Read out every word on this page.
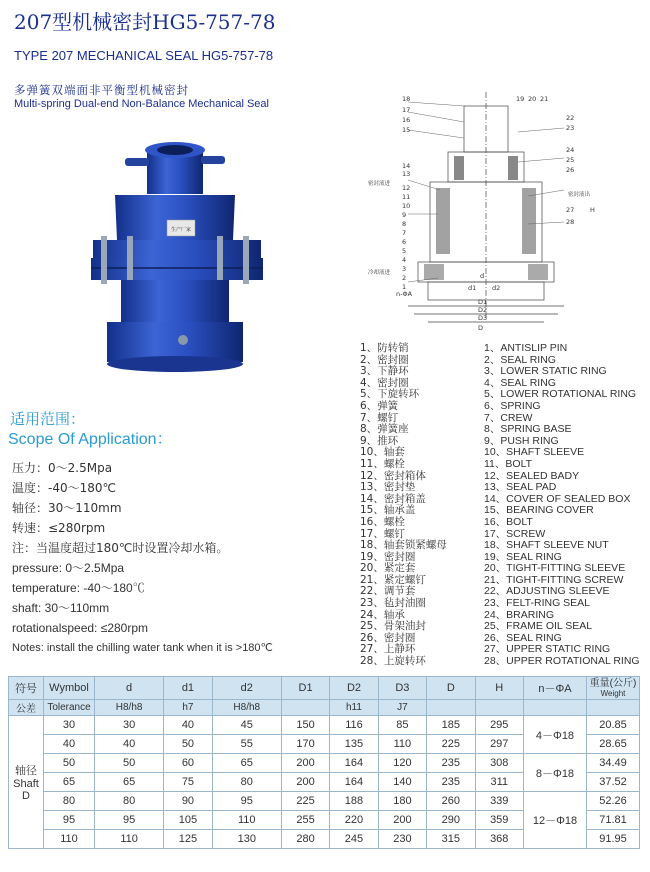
207型机械密封HG5-757-78
TYPE 207 MECHANICAL SEAL HG5-757-78
多弹簧双端面非平衡型机械密封
Multi-spring Dual-end Non-Balance Mechanical Seal
生产厂家
18
17
16
15
14
13
12
11
10
9
8
7
6
5
4
3
2
1
19 20 21
22
23
24
25
26
27
28
密封液进
密封液出
冷却液进
n-ΦA
D1
D2
D3
D
d1 d2
d
H
1、防转销
2、密封圈
3、下静环
4、密封圈
5、下旋转环
6、弹簧
7、螺钉
8、弹簧座
9、推环
10、轴套
11、螺栓
12、密封箱体
13、密封垫
14、密封箱盖
15、轴承盖
16、螺栓
17、螺钉
18、轴套锁紧螺母
19、密封圈
20、紧定套
21、紧定螺钉
22、调节套
23、毡封油圈
24、轴承
25、骨架油封
26、密封圈
27、上静环
28、上旋转环
1、ANTISLIP PIN
2、SEAL RING
3、LOWER STATIC RING
4、SEAL RING
5、LOWER ROTATIONAL RING
6、SPRING
7、CREW
8、SPRING BASE
9、PUSH RING
10、SHAFT SLEEVE
11、BOLT
12、SEALED BADY
13、SEAL PAD
14、COVER OF SEALED BOX
15、BEARING COVER
16、BOLT
17、SCREW
18、SHAFT SLEEVE NUT
19、SEAL RING
20、TIGHT-FITTING SLEEVE
21、TIGHT-FITTING SCREW
22、ADJUSTING SLEEVE
23、FELT-RING SEAL
24、BRARING
25、FRAME OIL SEAL
26、SEAL RING
27、UPPER STATIC RING
28、UPPER ROTATIONAL RING
适用范围：
Scope Of Application：
压力：0～2.5Mpa
温度：-40～180℃
轴径：30～110mm
转速：≤280rpm
注：当温度超过180℃时设置冷却水箱。
pressure: 0～2.5Mpa
temperature: -40～180℃
shaft: 30～110mm
rotationalspeed: ≤280rpm
Notes: install the chilling water tank when it is >180℃
符号	Wymbol	d	d1	d2	D1	D2	D3	D	H	n－ΦA	重量(公斤)
Weight

公差	Tolerance	H8/h8	h7	H8/h8		h11	J7				

轴径
Shaft D	30	30	40	45	150	116	85	185	295	4－Φ18	20.85
	40	40	50	55	170	135	110	225	297		28.65
	50	50	60	65	200	164	120	235	308	8－Φ18	34.49
	65	65	75	80	200	164	140	235	311		37.52
	80	80	90	95	225	188	180	260	339	12－Φ18	52.26
	95	95	105	110	255	220	200	290	359		71.81
	110	110	125	130	280	245	230	315	368		91.95
